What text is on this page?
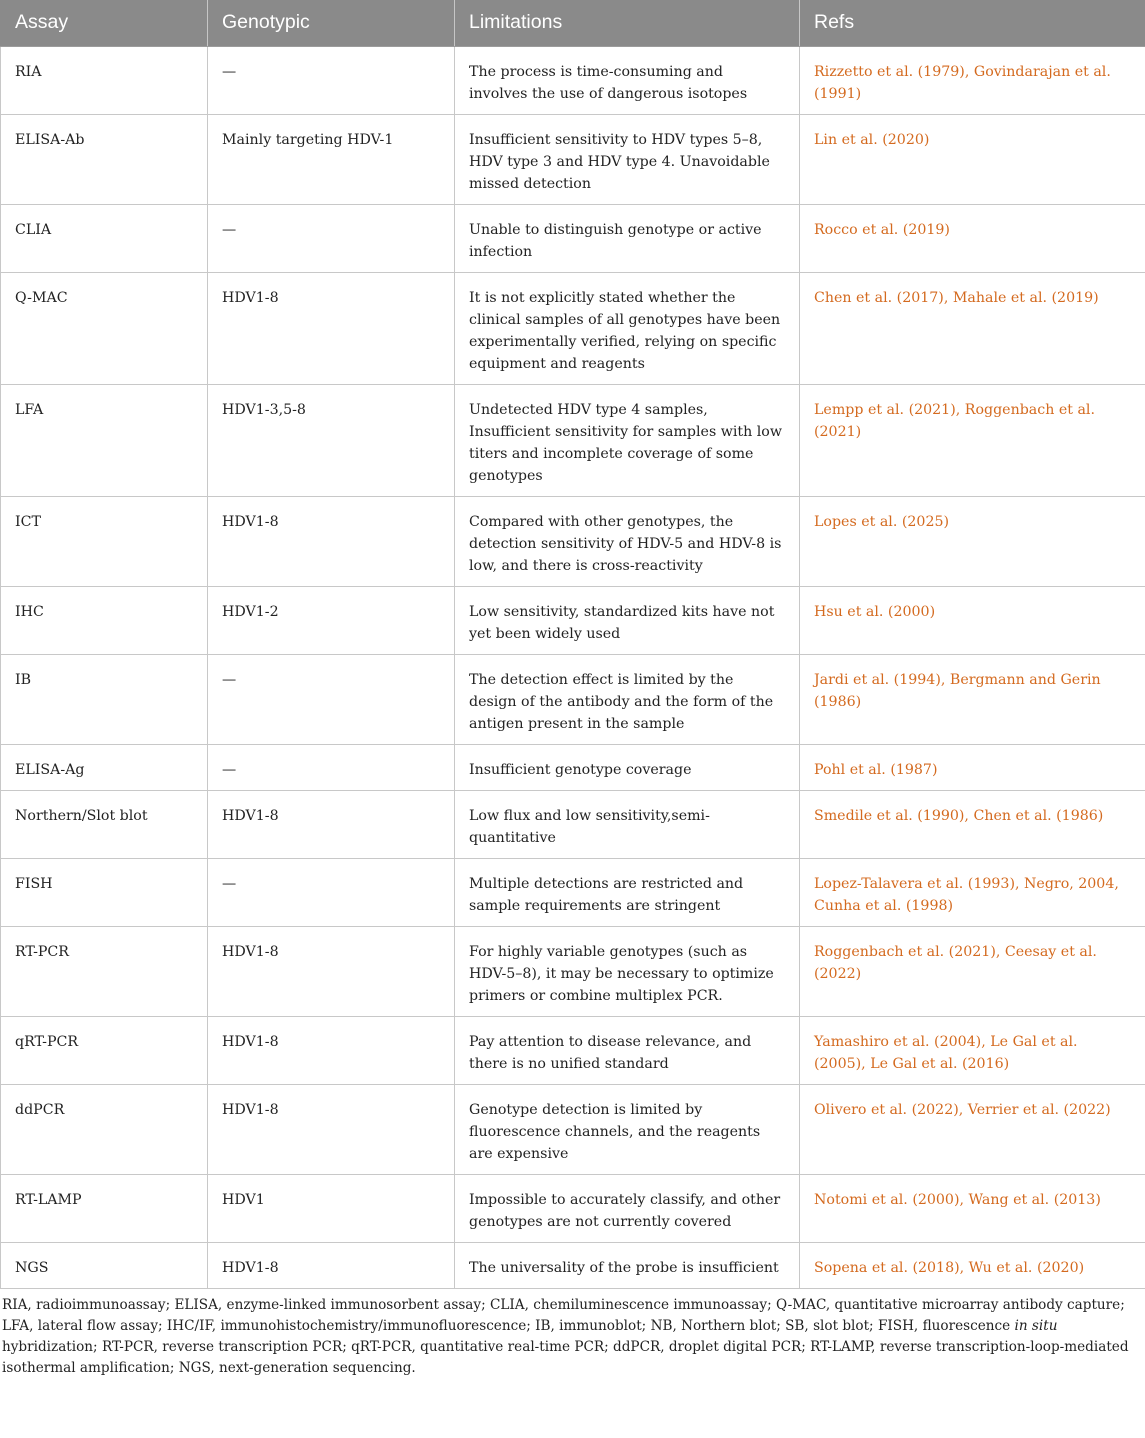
Assay	Genotypic	Limitations	Refs
RIA	—	The process is time-consuming and involves the use of dangerous isotopes	Rizzetto et al. (1979), Govindarajan et al. (1991)
ELISA-Ab	Mainly targeting HDV-1	Insufficient sensitivity to HDV types 5–8, HDV type 3 and HDV type 4. Unavoidable missed detection	Lin et al. (2020)
CLIA	—	Unable to distinguish genotype or active infection	Rocco et al. (2019)
Q-MAC	HDV1-8	It is not explicitly stated whether the clinical samples of all genotypes have been experimentally verified, relying on specific equipment and reagents	Chen et al. (2017), Mahale et al. (2019)
LFA	HDV1-3,5-8	Undetected HDV type 4 samples, Insufficient sensitivity for samples with low titers and incomplete coverage of some genotypes	Lempp et al. (2021), Roggenbach et al. (2021)
ICT	HDV1-8	Compared with other genotypes, the detection sensitivity of HDV-5 and HDV-8 is low, and there is cross-reactivity	Lopes et al. (2025)
IHC	HDV1-2	Low sensitivity, standardized kits have not yet been widely used	Hsu et al. (2000)
IB	—	The detection effect is limited by the design of the antibody and the form of the antigen present in the sample	Jardi et al. (1994), Bergmann and Gerin (1986)
ELISA-Ag	—	Insufficient genotype coverage	Pohl et al. (1987)
Northern/Slot blot	HDV1-8	Low flux and low sensitivity,semi-quantitative	Smedile et al. (1990), Chen et al. (1986)
FISH	—	Multiple detections are restricted and sample requirements are stringent	Lopez-Talavera et al. (1993), Negro, 2004, Cunha et al. (1998)
RT-PCR	HDV1-8	For highly variable genotypes (such as HDV-5–8), it may be necessary to optimize primers or combine multiplex PCR.	Roggenbach et al. (2021), Ceesay et al. (2022)
qRT-PCR	HDV1-8	Pay attention to disease relevance, and there is no unified standard	Yamashiro et al. (2004), Le Gal et al. (2005), Le Gal et al. (2016)
ddPCR	HDV1-8	Genotype detection is limited by fluorescence channels, and the reagents are expensive	Olivero et al. (2022), Verrier et al. (2022)
RT-LAMP	HDV1	Impossible to accurately classify, and other genotypes are not currently covered	Notomi et al. (2000), Wang et al. (2013)
NGS	HDV1-8	The universality of the probe is insufficient	Sopena et al. (2018), Wu et al. (2020)
RIA, radioimmunoassay; ELISA, enzyme-linked immunosorbent assay; CLIA, chemiluminescence immunoassay; Q-MAC, quantitative microarray antibody capture; LFA, lateral flow assay; IHC/IF, immunohistochemistry/immunofluorescence; IB, immunoblot; NB, Northern blot; SB, slot blot; FISH, fluorescence in situ hybridization; RT-PCR, reverse transcription PCR; qRT-PCR, quantitative real-time PCR; ddPCR, droplet digital PCR; RT-LAMP, reverse transcription-loop-mediated isothermal amplification; NGS, next-generation sequencing.
